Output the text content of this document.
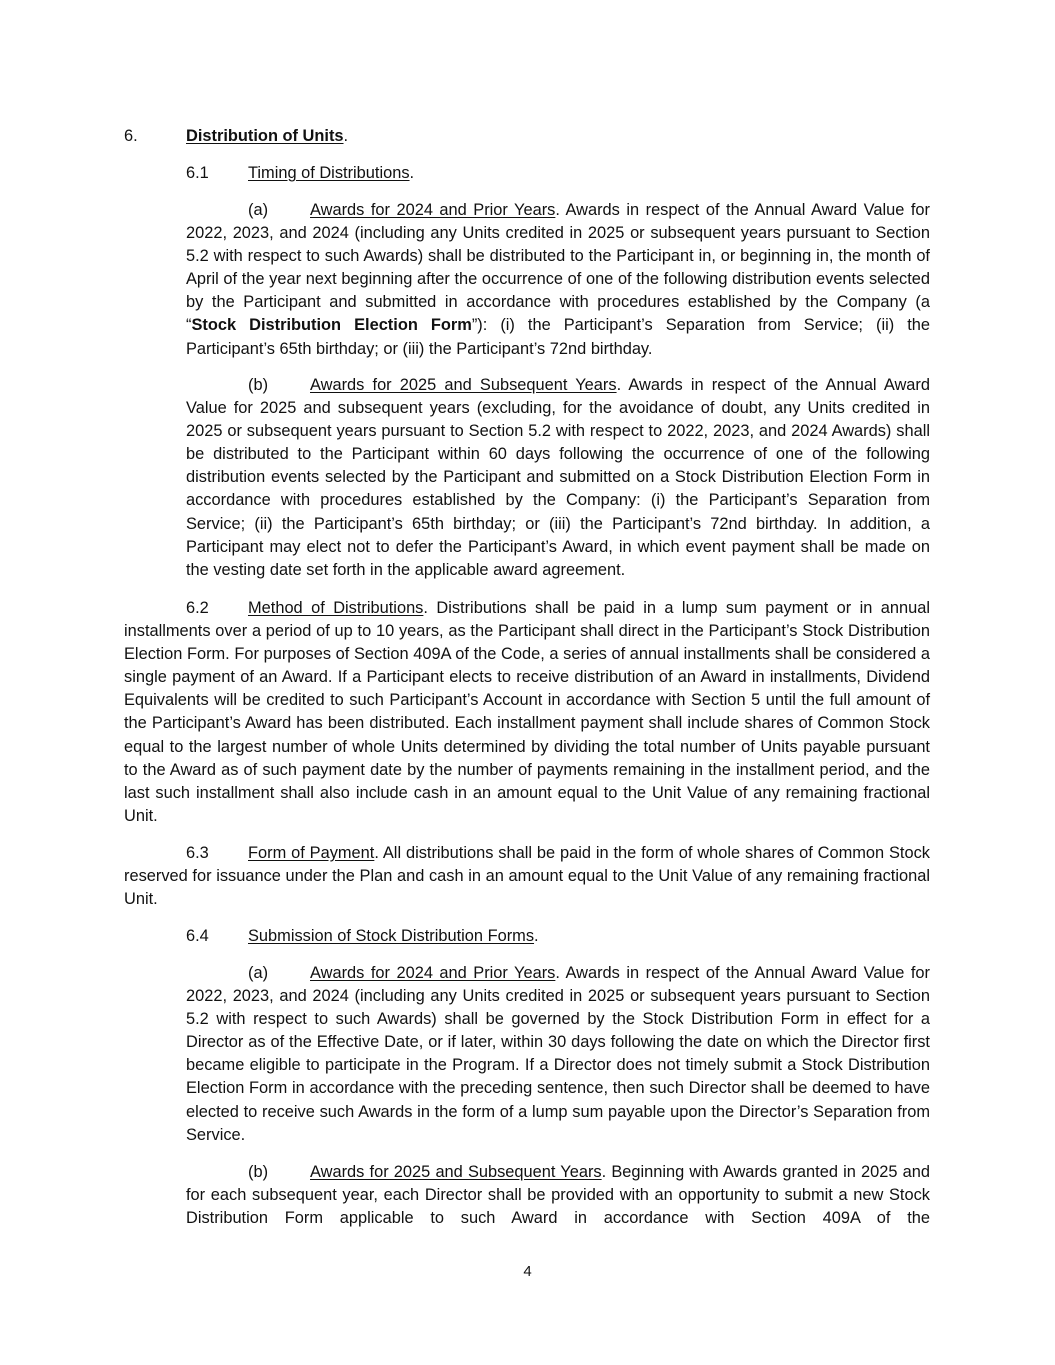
6.	Distribution of Units.
6.1 Timing of Distributions.
(a)	Awards for 2024 and Prior Years. Awards in respect of the Annual Award Value for 2022, 2023, and 2024 (including any Units credited in 2025 or subsequent years pursuant to Section 5.2 with respect to such Awards) shall be distributed to the Participant in, or beginning in, the month of April of the year next beginning after the occurrence of one of the following distribution events selected by the Participant and submitted in accordance with procedures established by the Company (a “Stock Distribution Election Form”): (i) the Participant’s Separation from Service; (ii) the Participant’s 65th birthday; or (iii) the Participant’s 72nd birthday.
(b)	Awards for 2025 and Subsequent Years. Awards in respect of the Annual Award Value for 2025 and subsequent years (excluding, for the avoidance of doubt, any Units credited in 2025 or subsequent years pursuant to Section 5.2 with respect to 2022, 2023, and 2024 Awards) shall be distributed to the Participant within 60 days following the occurrence of one of the following distribution events selected by the Participant and submitted on a Stock Distribution Election Form in accordance with procedures established by the Company: (i) the Participant’s Separation from Service; (ii) the Participant’s 65th birthday; or (iii) the Participant’s 72nd birthday. In addition, a Participant may elect not to defer the Participant’s Award, in which event payment shall be made on the vesting date set forth in the applicable award agreement.
6.2 Method of Distributions. Distributions shall be paid in a lump sum payment or in annual installments over a period of up to 10 years, as the Participant shall direct in the Participant’s Stock Distribution Election Form. For purposes of Section 409A of the Code, a series of annual installments shall be considered a single payment of an Award. If a Participant elects to receive distribution of an Award in installments, Dividend Equivalents will be credited to such Participant’s Account in accordance with Section 5 until the full amount of the Participant’s Award has been distributed. Each installment payment shall include shares of Common Stock equal to the largest number of whole Units determined by dividing the total number of Units payable pursuant to the Award as of such payment date by the number of payments remaining in the installment period, and the last such installment shall also include cash in an amount equal to the Unit Value of any remaining fractional Unit.
6.3 Form of Payment. All distributions shall be paid in the form of whole shares of Common Stock reserved for issuance under the Plan and cash in an amount equal to the Unit Value of any remaining fractional Unit.
6.4 Submission of Stock Distribution Forms.
(a)	Awards for 2024 and Prior Years. Awards in respect of the Annual Award Value for 2022, 2023, and 2024 (including any Units credited in 2025 or subsequent years pursuant to Section 5.2 with respect to such Awards) shall be governed by the Stock Distribution Form in effect for a Director as of the Effective Date, or if later, within 30 days following the date on which the Director first became eligible to participate in the Program. If a Director does not timely submit a Stock Distribution Election Form in accordance with the preceding sentence, then such Director shall be deemed to have elected to receive such Awards in the form of a lump sum payable upon the Director’s Separation from Service.
(b)	Awards for 2025 and Subsequent Years. Beginning with Awards granted in 2025 and for each subsequent year, each Director shall be provided with an opportunity to submit a new Stock Distribution Form applicable to such Award in accordance with Section 409A of the
4
